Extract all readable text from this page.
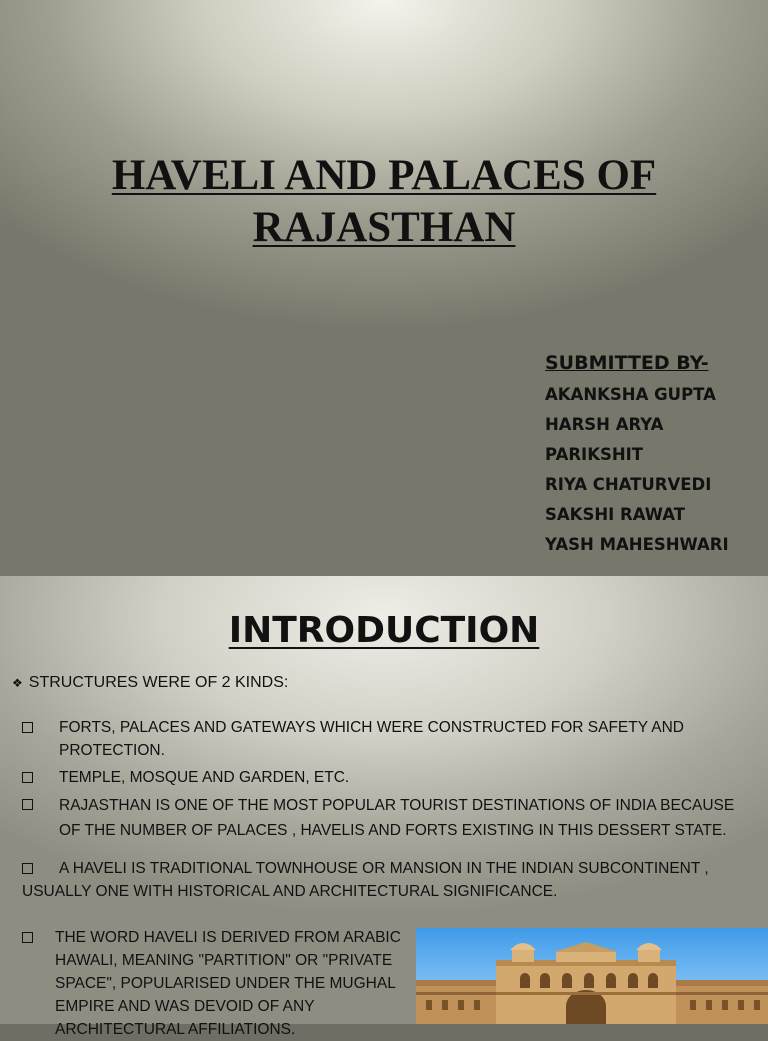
HAVELI AND PALACES OF
RAJASTHAN
SUBMITTED BY-
AKANKSHA GUPTA
HARSH ARYA
PARIKSHIT
RIYA CHATURVEDI
SAKSHI RAWAT
YASH MAHESHWARI
INTRODUCTION
❖ STRUCTURES WERE OF 2 KINDS:
FORTS, PALACES AND GATEWAYS WHICH WERE CONSTRUCTED FOR SAFETY AND PROTECTION.
TEMPLE, MOSQUE AND GARDEN, ETC.
RAJASTHAN IS ONE OF THE MOST POPULAR TOURIST DESTINATIONS OF INDIA BECAUSE OF THE NUMBER OF PALACES , HAVELIS AND FORTS EXISTING IN THIS DESSERT STATE.
A HAVELI IS TRADITIONAL TOWNHOUSE OR MANSION IN THE INDIAN SUBCONTINENT , USUALLY ONE WITH HISTORICAL AND ARCHITECTURAL SIGNIFICANCE.
THE WORD HAVELI IS DERIVED FROM ARABIC HAWALI, MEANING "PARTITION" OR "PRIVATE SPACE", POPULARISED UNDER THE MUGHAL EMPIRE AND WAS DEVOID OF ANY ARCHITECTURAL AFFILIATIONS.
